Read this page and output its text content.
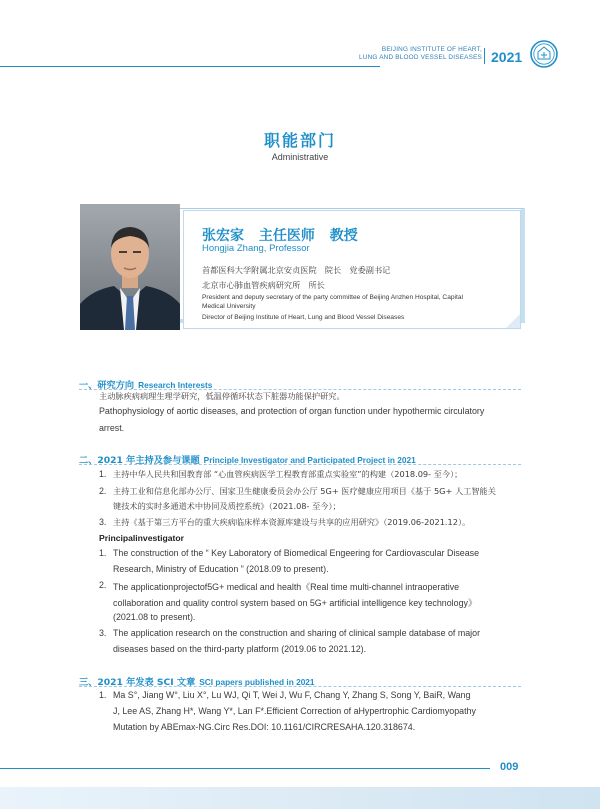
BEIJING INSTITUTE OF HEART,
LUNG AND BLOOD VESSEL DISEASES 2021
职能部门
Administrative
张宏家 主任医师 教授
Hongjia Zhang, Professor
首都医科大学附属北京安贞医院　院长　党委副书记
北京市心肺血管疾病研究所　所长
President and deputy secretary of the party committee of Beijing Anzhen Hospital, Capital
Medical University
Director of Beijing Institute of Heart, Lung and Blood Vessel Diseases
一、研究方向 Research Interests
主动脉疾病病理生理学研究，低温停循环状态下脏器功能保护研究。
Pathophysiology of aortic diseases, and protection of organ function under hypothermic circulatory
arrest.
二、2021 年主持及参与课题 Principle Investigator and Participated Project in 2021
1. 主持中华人民共和国教育部 “心血管疾病医学工程教育部重点实验室”的构建（2018.09- 至今）；
2. 主持工业和信息化部办公厅、国家卫生健康委员会办公厅 5G+ 医疗健康应用项目《基于 5G+ 人工智能关
键技术的实时多通道术中协同及质控系统》（2021.08- 至今）；
3. 主持《基于第三方平台的重大疾病临床样本资源库建设与共享的应用研究》（2019.06-2021.12）。
Principalinvestigator
1. The construction of the “ Key Laboratory of Biomedical Engeering for Cardiovascular Disease
Research, Ministry of Education ” (2018.09 to present).
2. The applicationprojectof5G+ medical and health《Real time multi-channel intraoperative
collaboration and quality control system based on 5G+ artificial intelligence key technology》
(2021.08 to present).
3. The application research on the construction and sharing of clinical sample database of major
diseases based on the third-party platform (2019.06 to 2021.12).
三、2021 年发表 SCI 文章 SCI papers published in 2021
1. Ma S°, Jiang W°, Liu X°, Lu WJ, Qi T, Wei J, Wu F, Chang Y, Zhang S, Song Y, BaiR, Wang
J, Lee AS, Zhang H*, Wang Y*, Lan F*.Efficient Correction of aHypertrophic Cardiomyopathy
Mutation by ABEmax-NG.Circ Res.DOI: 10.1161/CIRCRESAHA.120.318674.
009
